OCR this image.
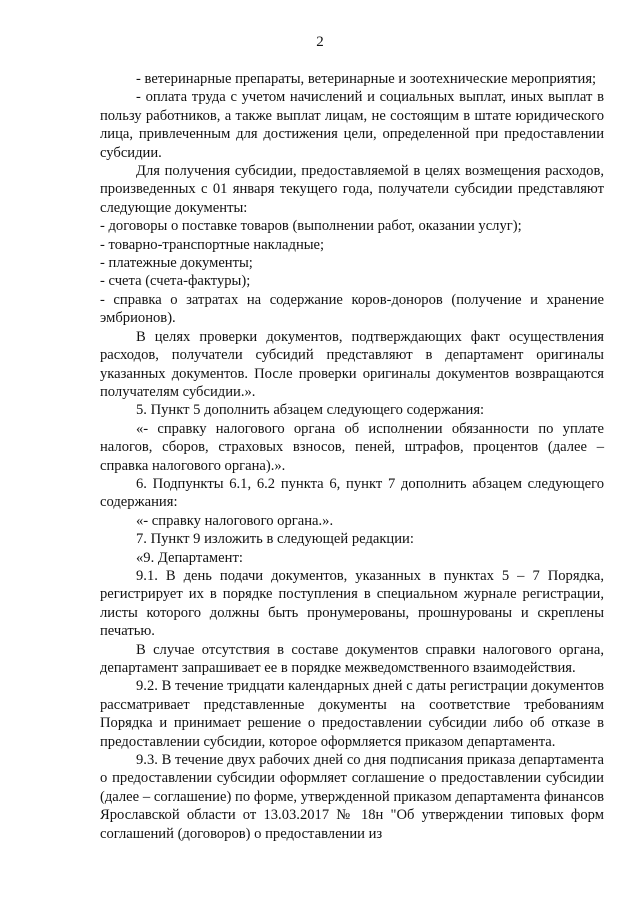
2

- ветеринарные препараты, ветеринарные и зоотехнические мероприятия;

- оплата труда с учетом начислений и социальных выплат, иных выплат в пользу работников, а также выплат лицам, не состоящим в штате юридического лица, привлеченным для достижения цели, определенной при предоставлении субсидии.

Для получения субсидии, предоставляемой в целях возмещения расходов, произведенных с 01 января текущего года, получатели субсидии представляют следующие документы:

- договоры о поставке товаров (выполнении работ, оказании услуг);

- товарно-транспортные накладные;

- платежные документы;

- счета (счета-фактуры);

- справка о затратах на содержание коров-доноров (получение и хранение эмбрионов).

В целях проверки документов, подтверждающих факт осуществления расходов, получатели субсидий представляют в департамент оригиналы указанных документов. После проверки оригиналы документов возвращаются получателям субсидии.».

5. Пункт 5 дополнить абзацем следующего содержания:

«- справку налогового органа об исполнении обязанности по уплате налогов, сборов, страховых взносов, пеней, штрафов, процентов (далее – справка налогового органа).».

6. Подпункты 6.1, 6.2 пункта 6, пункт 7 дополнить абзацем следующего содержания:

«- справку налогового органа.».

7. Пункт 9 изложить в следующей редакции:

«9. Департамент:

9.1. В день подачи документов, указанных в пунктах 5 – 7 Порядка, регистрирует их в порядке поступления в специальном журнале регистрации, листы которого должны быть пронумерованы, прошнурованы и скреплены печатью.

В случае отсутствия в составе документов справки налогового органа, департамент запрашивает ее в порядке межведомственного взаимодействия.

9.2. В течение тридцати календарных дней с даты регистрации документов рассматривает представленные документы на соответствие требованиям Порядка и принимает решение о предоставлении субсидии либо об отказе в предоставлении субсидии, которое оформляется приказом департамента.

9.3. В течение двух рабочих дней со дня подписания приказа департамента о предоставлении субсидии оформляет соглашение о предоставлении субсидии (далее – соглашение) по форме, утвержденной приказом департамента финансов Ярославской области от 13.03.2017 № 18н "Об утверждении типовых форм соглашений (договоров) о предоставлении из
